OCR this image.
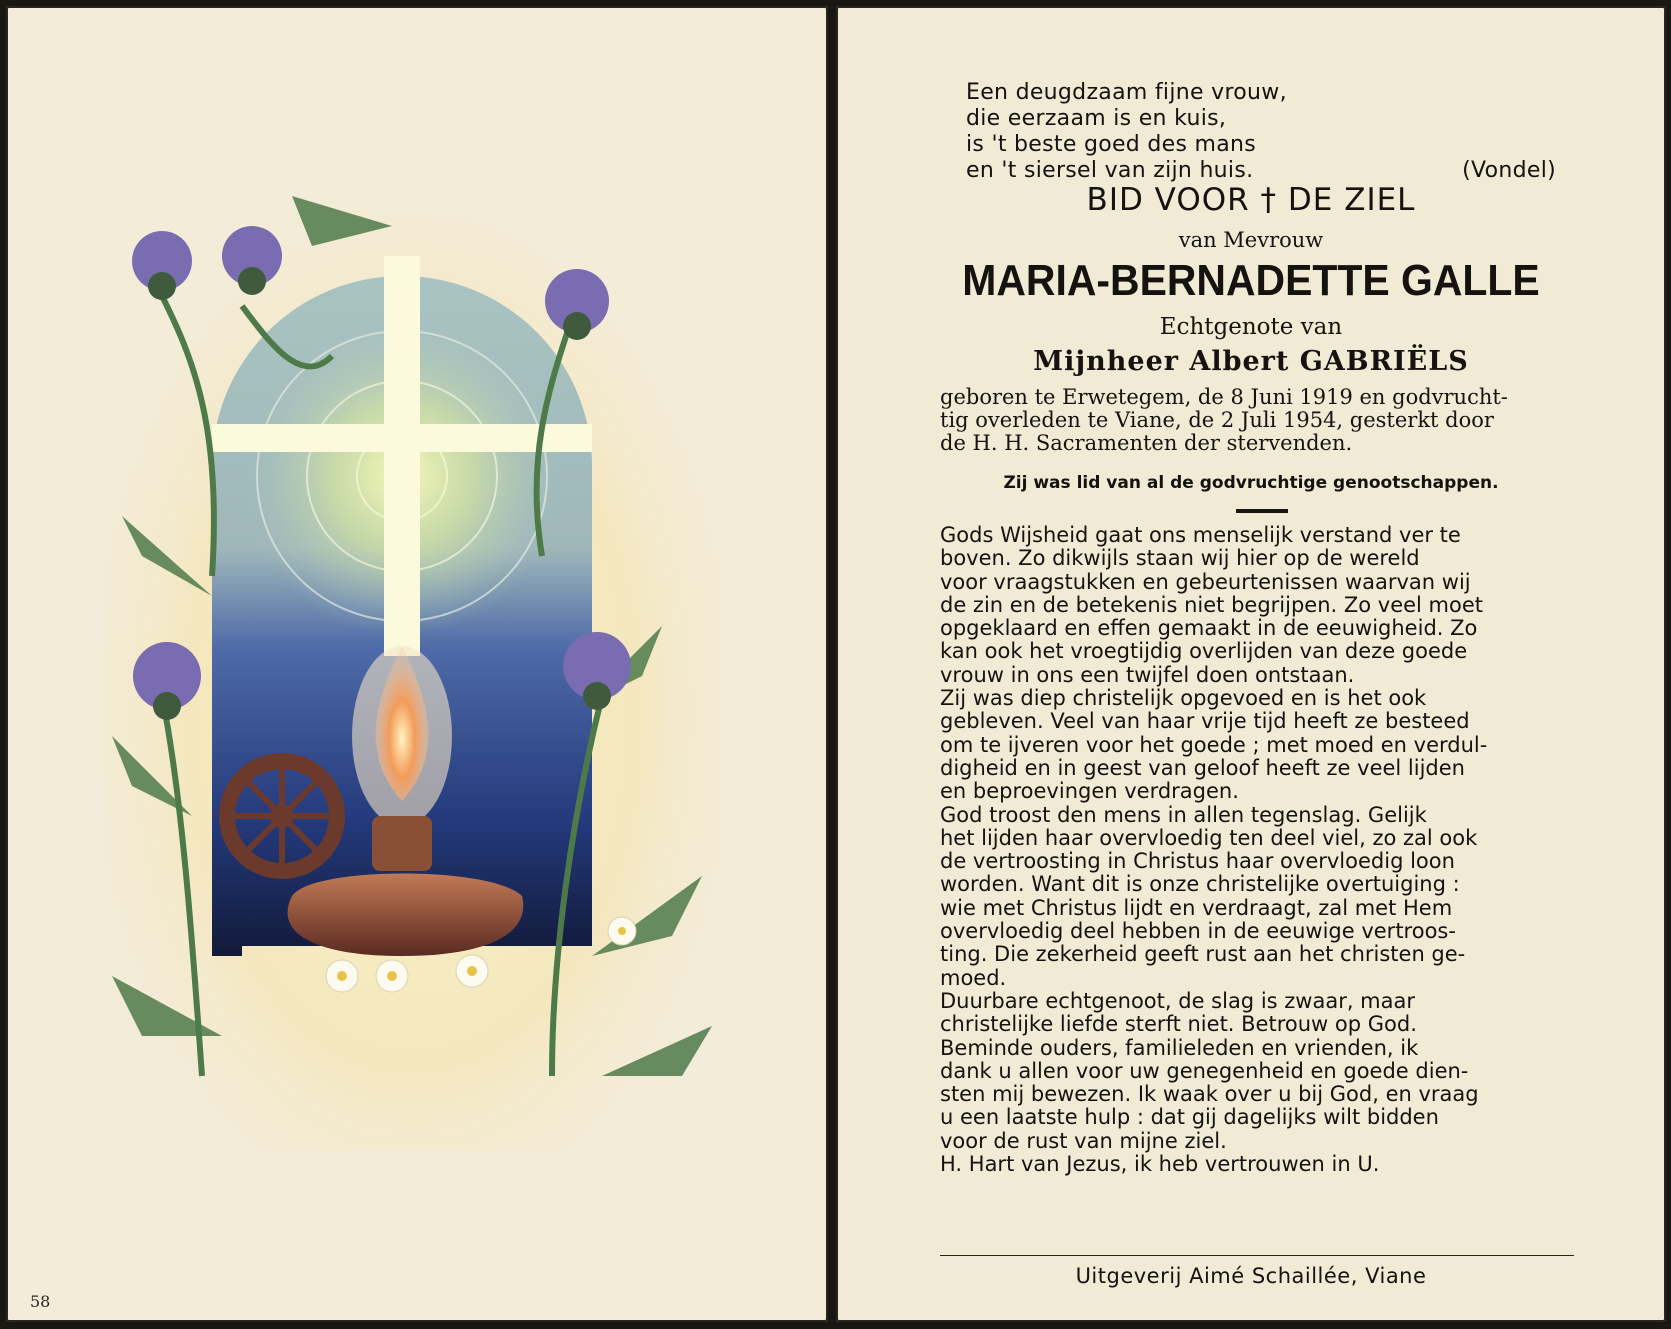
58
Een deugdzaam fijne vrouw,
die eerzaam is en kuis,
is 't beste goed des mans
en 't siersel van zijn huis.	(Vondel)
BID VOOR † DE ZIEL
van Mevrouw
MARIA-BERNADETTE GALLE
Echtgenote van
Mijnheer Albert GABRIËLS
geboren te Erwetegem, de 8 Juni 1919 en godvrucht-
tig overleden te Viane, de 2 Juli 1954, gesterkt door
de H. H. Sacramenten der stervenden.
Zij was lid van al de godvruchtige genootschappen.
Gods Wijsheid gaat ons menselijk verstand ver te
boven. Zo dikwijls staan wij hier op de wereld
voor vraagstukken en gebeurtenissen waarvan wij
de zin en de betekenis niet begrijpen. Zo veel moet
opgeklaard en effen gemaakt in de eeuwigheid. Zo
kan ook het vroegtijdig overlijden van deze goede
vrouw in ons een twijfel doen ontstaan.
Zij was diep christelijk opgevoed en is het ook
gebleven. Veel van haar vrije tijd heeft ze besteed
om te ijveren voor het goede ; met moed en verdul-
digheid en in geest van geloof heeft ze veel lijden
en beproevingen verdragen.
God troost den mens in allen tegenslag. Gelijk
het lijden haar overvloedig ten deel viel, zo zal ook
de vertroosting in Christus haar overvloedig loon
worden. Want dit is onze christelijke overtuiging :
wie met Christus lijdt en verdraagt, zal met Hem
overvloedig deel hebben in de eeuwige vertroos-
ting. Die zekerheid geeft rust aan het christen ge-
moed.
Duurbare echtgenoot, de slag is zwaar, maar
christelijke liefde sterft niet. Betrouw op God.
Beminde ouders, familieleden en vrienden, ik
dank u allen voor uw genegenheid en goede dien-
sten mij bewezen. Ik waak over u bij God, en vraag
u een laatste hulp : dat gij dagelijks wilt bidden
voor de rust van mijne ziel.
H. Hart van Jezus, ik heb vertrouwen in U.
Uitgeverij Aimé Schaillée, Viane
